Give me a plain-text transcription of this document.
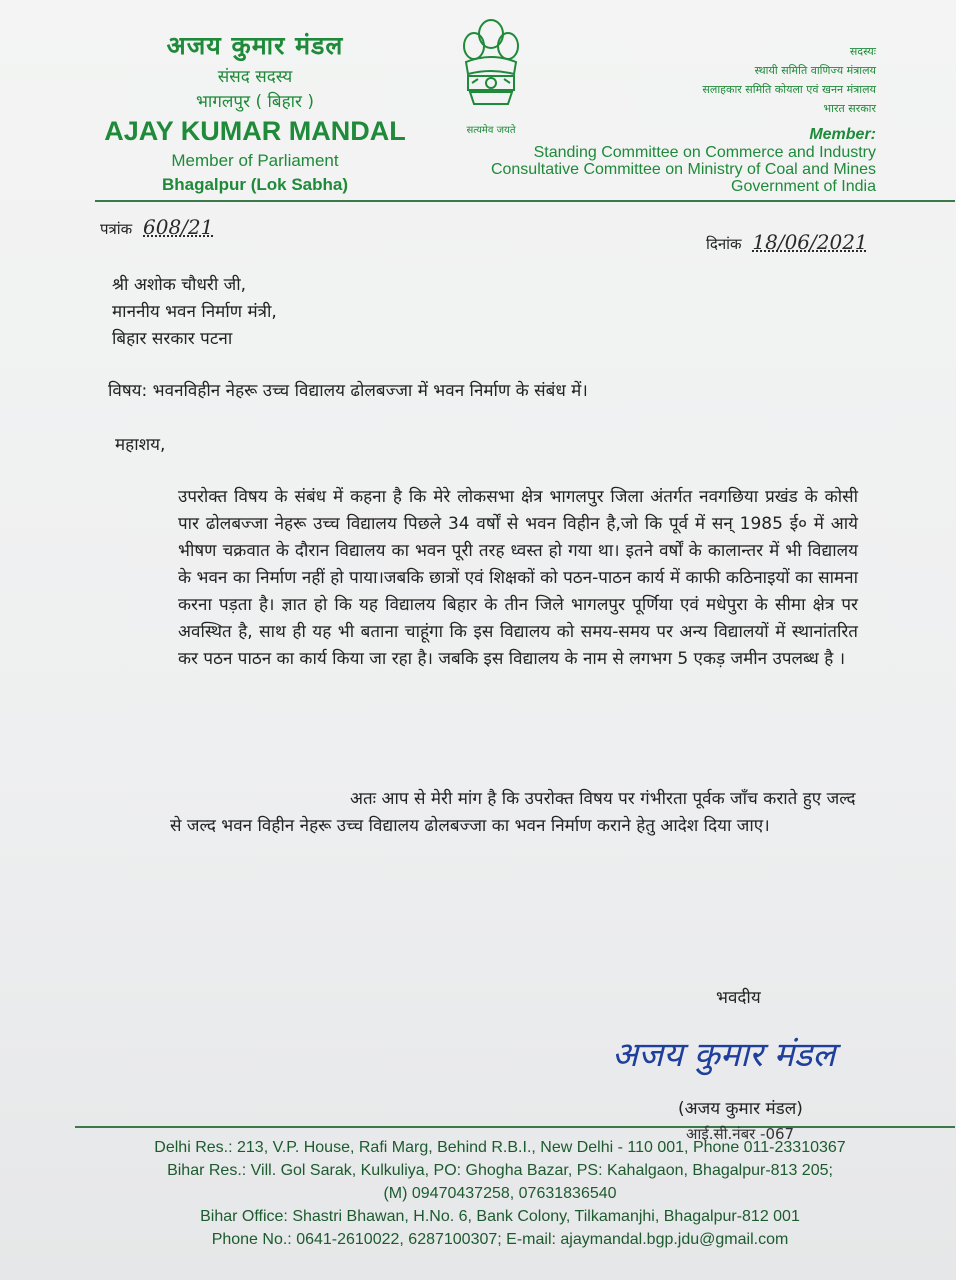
अजय कुमार मंडल
संसद सदस्य
भागलपुर ( बिहार )
AJAY KUMAR MANDAL
Member of Parliament
Bhagalpur (Lok Sabha)
सत्यमेव जयते
सदस्यः
स्थायी समिति वाणिज्य मंत्रालय
सलाहकार समिति कोयला एवं खनन मंत्रालय
भारत सरकार
Member:
Standing Committee on Commerce and Industry
Consultative Committee on Ministry of Coal and Mines
Government of India
पत्रांक 608/21
दिनांक 18/06/2021
श्री अशोक चौधरी जी,
माननीय भवन निर्माण मंत्री,
बिहार सरकार पटना
विषय: भवनविहीन नेहरू उच्च विद्यालय ढोलबज्जा में भवन निर्माण के संबंध में।
महाशय,
उपरोक्त विषय के संबंध में कहना है कि मेरे लोकसभा क्षेत्र भागलपुर जिला अंतर्गत नवगछिया प्रखंड के कोसी पार ढोलबज्जा नेहरू उच्च विद्यालय पिछले 34 वर्षों से भवन विहीन है,जो कि पूर्व में सन् 1985 ई० में आये भीषण चक्रवात के दौरान विद्यालय का भवन पूरी तरह ध्वस्त हो गया था। इतने वर्षों के कालान्तर में भी विद्यालय के भवन का निर्माण नहीं हो पाया।जबकि छात्रों एवं शिक्षकों को पठन-पाठन कार्य में काफी कठिनाइयों का सामना करना पड़ता है। ज्ञात हो कि यह विद्यालय बिहार के तीन जिले भागलपुर पूर्णिया एवं मधेपुरा के सीमा क्षेत्र पर अवस्थित है, साथ ही यह भी बताना चाहूंगा कि इस विद्यालय को समय-समय पर अन्य विद्यालयों में स्थानांतरित कर पठन पाठन का कार्य किया जा रहा है। जबकि इस विद्यालय के नाम से लगभग 5 एकड़ जमीन उपलब्ध है ।
अतः आप से मेरी मांग है कि उपरोक्त विषय पर गंभीरता पूर्वक जाँच कराते हुए जल्द से जल्द भवन विहीन नेहरू उच्च विद्यालय ढोलबज्जा का भवन निर्माण कराने हेतु आदेश दिया जाए।
भवदीय
अजय कुमार मंडल
(अजय कुमार मंडल)
आई.सी.नंबर -067
Delhi Res.: 213, V.P. House, Rafi Marg, Behind R.B.I., New Delhi - 110 001, Phone 011-23310367
Bihar Res.: Vill. Gol Sarak, Kulkuliya, PO: Ghogha Bazar, PS: Kahalgaon, Bhagalpur-813 205;
(M) 09470437258, 07631836540
Bihar Office: Shastri Bhawan, H.No. 6, Bank Colony, Tilkamanjhi, Bhagalpur-812 001
Phone No.: 0641-2610022, 6287100307; E-mail: ajaymandal.bgp.jdu@gmail.com
